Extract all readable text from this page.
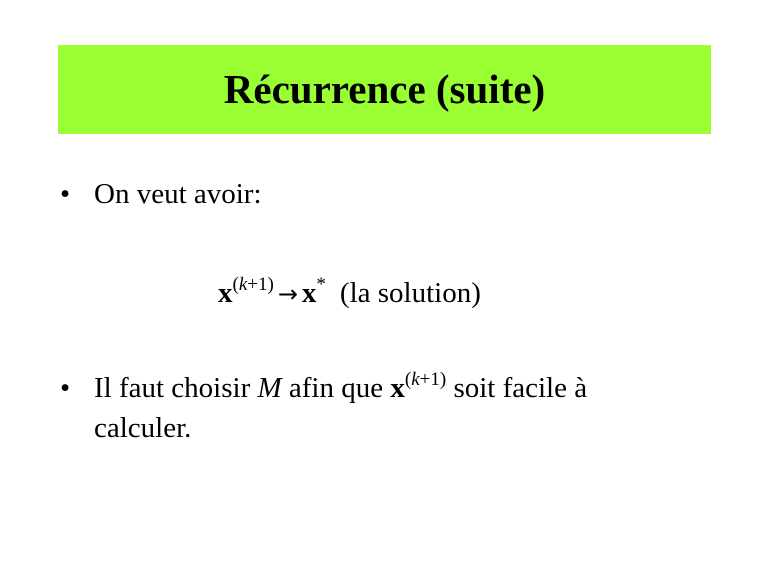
Récurrence (suite)
• On veut avoir:
$x^{(k+1)} \to x^*$ (la solution)
• Il faut choisir M afin que $x^{(k+1)}$ soit facile à
calculer.
